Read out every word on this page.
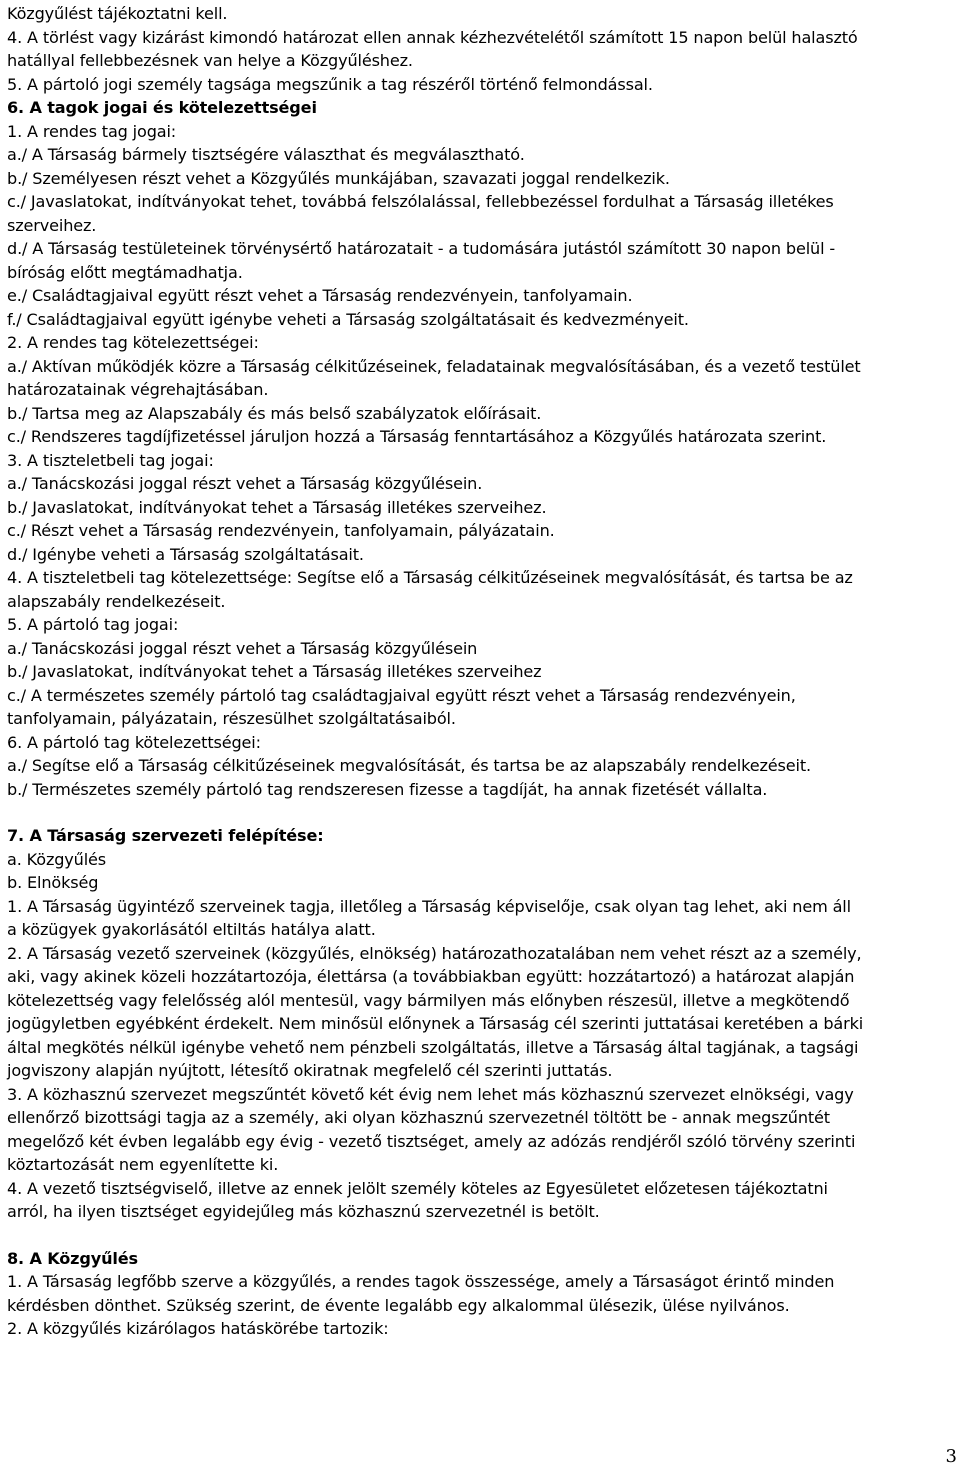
Közgyűlést tájékoztatni kell.
4. A törlést vagy kizárást kimondó határozat ellen annak kézhezvételétől számított 15 napon belül halasztó
hatállyal fellebbezésnek van helye a Közgyűléshez.
5. A pártoló jogi személy tagsága megszűnik a tag részéről történő felmondással.
6. A tagok jogai és kötelezettségei
1. A rendes tag jogai:
a./ A Társaság bármely tisztségére választhat és megválasztható.
b./ Személyesen részt vehet a Közgyűlés munkájában, szavazati joggal rendelkezik.
c./ Javaslatokat, indítványokat tehet, továbbá felszólalással, fellebbezéssel fordulhat a Társaság illetékes
szerveihez.
d./ A Társaság testületeinek törvénysértő határozatait - a tudomására jutástól számított 30 napon belül -
bíróság előtt megtámadhatja.
e./ Családtagjaival együtt részt vehet a Társaság rendezvényein, tanfolyamain.
f./ Családtagjaival együtt igénybe veheti a Társaság szolgáltatásait és kedvezményeit.
2. A rendes tag kötelezettségei:
a./ Aktívan működjék közre a Társaság célkitűzéseinek, feladatainak megvalósításában, és a vezető testület
határozatainak végrehajtásában.
b./ Tartsa meg az Alapszabály és más belső szabályzatok előírásait.
c./ Rendszeres tagdíjfizetéssel járuljon hozzá a Társaság fenntartásához a Közgyűlés határozata szerint.
3. A tiszteletbeli tag jogai:
a./ Tanácskozási joggal részt vehet a Társaság közgyűlésein.
b./ Javaslatokat, indítványokat tehet a Társaság illetékes szerveihez.
c./ Részt vehet a Társaság rendezvényein, tanfolyamain, pályázatain.
d./ Igénybe veheti a Társaság szolgáltatásait.
4. A tiszteletbeli tag kötelezettsége: Segítse elő a Társaság célkitűzéseinek megvalósítását, és tartsa be az
alapszabály rendelkezéseit.
5. A pártoló tag jogai:
a./ Tanácskozási joggal részt vehet a Társaság közgyűlésein
b./ Javaslatokat, indítványokat tehet a Társaság illetékes szerveihez
c./ A természetes személy pártoló tag családtagjaival együtt részt vehet a Társaság rendezvényein,
tanfolyamain, pályázatain, részesülhet szolgáltatásaiból.
6. A pártoló tag kötelezettségei:
a./ Segítse elő a Társaság célkitűzéseinek megvalósítását, és tartsa be az alapszabály rendelkezéseit.
b./ Természetes személy pártoló tag rendszeresen fizesse a tagdíját, ha annak fizetését vállalta.
7. A Társaság szervezeti felépítése:
a. Közgyűlés
b. Elnökség
1. A Társaság ügyintéző szerveinek tagja, illetőleg a Társaság képviselője, csak olyan tag lehet, aki nem áll
a közügyek gyakorlásától eltiltás hatálya alatt.
2. A Társaság vezető szerveinek (közgyűlés, elnökség) határozathozatalában nem vehet részt az a személy,
aki, vagy akinek közeli hozzátartozója, élettársa (a továbbiakban együtt: hozzátartozó) a határozat alapján
kötelezettség vagy felelősség alól mentesül, vagy bármilyen más előnyben részesül, illetve a megkötendő
jogügyletben egyébként érdekelt. Nem minősül előnynek a Társaság cél szerinti juttatásai keretében a bárki
által megkötés nélkül igénybe vehető nem pénzbeli szolgáltatás, illetve a Társaság által tagjának, a tagsági
jogviszony alapján nyújtott, létesítő okiratnak megfelelő cél szerinti juttatás.
3. A közhasznú szervezet megszűntét követő két évig nem lehet más közhasznú szervezet elnökségi, vagy
ellenőrző bizottsági tagja az a személy, aki olyan közhasznú szervezetnél töltött be - annak megszűntét
megelőző két évben legalább egy évig - vezető tisztséget, amely az adózás rendjéről szóló törvény szerinti
köztartozását nem egyenlítette ki.
4. A vezető tisztségviselő, illetve az ennek jelölt személy köteles az Egyesületet előzetesen tájékoztatni
arról, ha ilyen tisztséget egyidejűleg más közhasznú szervezetnél is betölt.
8. A Közgyűlés
1. A Társaság legfőbb szerve a közgyűlés, a rendes tagok összessége, amely a Társaságot érintő minden
kérdésben dönthet. Szükség szerint, de évente legalább egy alkalommal ülésezik, ülése nyilvános.
2. A közgyűlés kizárólagos hatáskörébe tartozik:
3
